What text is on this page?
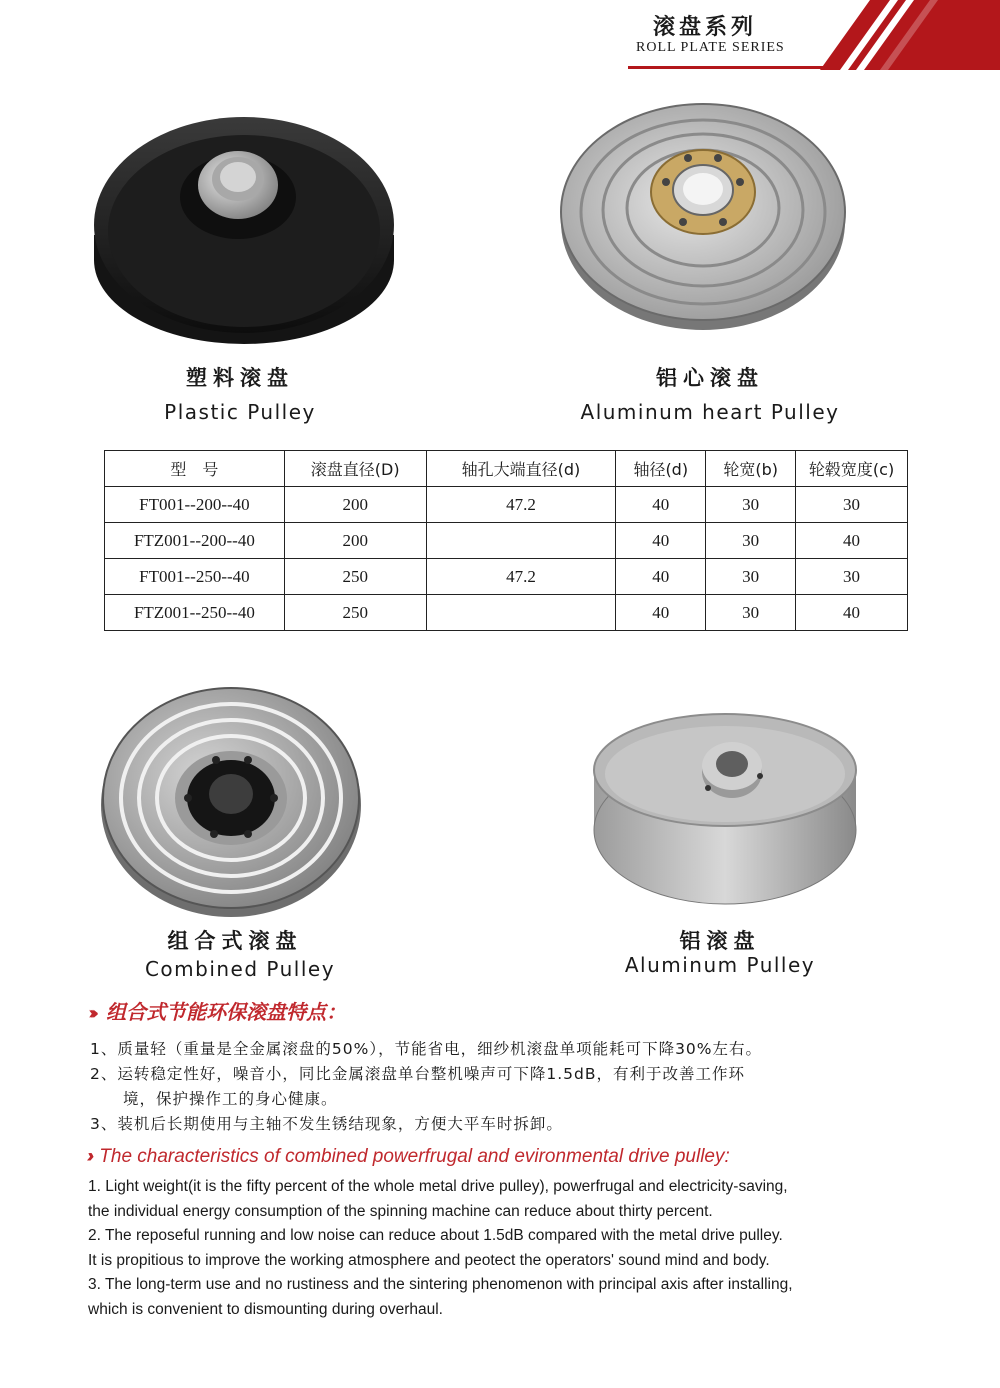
滚盘系列
ROLL PLATE SERIES
塑料滚盘
Plastic Pulley
铝心滚盘
Aluminum heart Pulley
型　号	滚盘直径(D)	轴孔大端直径(d)	轴径(d)	轮宽(b)	轮毂宽度(c)
FT001--200--40	200	47.2	40	30	30
FTZ001--200--40	200		40	30	40
FT001--250--40	250	47.2	40	30	30
FTZ001--250--40	250		40	30	40
组合式滚盘
Combined Pulley
铝滚盘
Aluminum Pulley
›› ›› 组合式节能环保滚盘特点：
1、质量轻（重量是全金属滚盘的50%），节能省电，细纱机滚盘单项能耗可下降30%左右。
2、运转稳定性好，噪音小，同比金属滚盘单台整机噪声可下降1.5dB，有利于改善工作环
　　境，保护操作工的身心健康。
3、装机后长期使用与主轴不发生锈结现象，方便大平车时拆卸。
The characteristics of combined powerfrugal and evironmental drive pulley:
1. Light weight(it is the fifty percent of the whole metal drive pulley), powerfrugal and electricity-saving,
the individual energy consumption of the spinning machine can reduce about thirty percent.
2. The reposeful running and low noise can reduce about 1.5dB compared with the metal drive pulley.
It is propitious to improve the working atmosphere and peotect the operators' sound mind and body.
3. The long-term use and no rustiness and the sintering phenomenon with principal axis after installing,
which is convenient to dismounting during overhaul.
